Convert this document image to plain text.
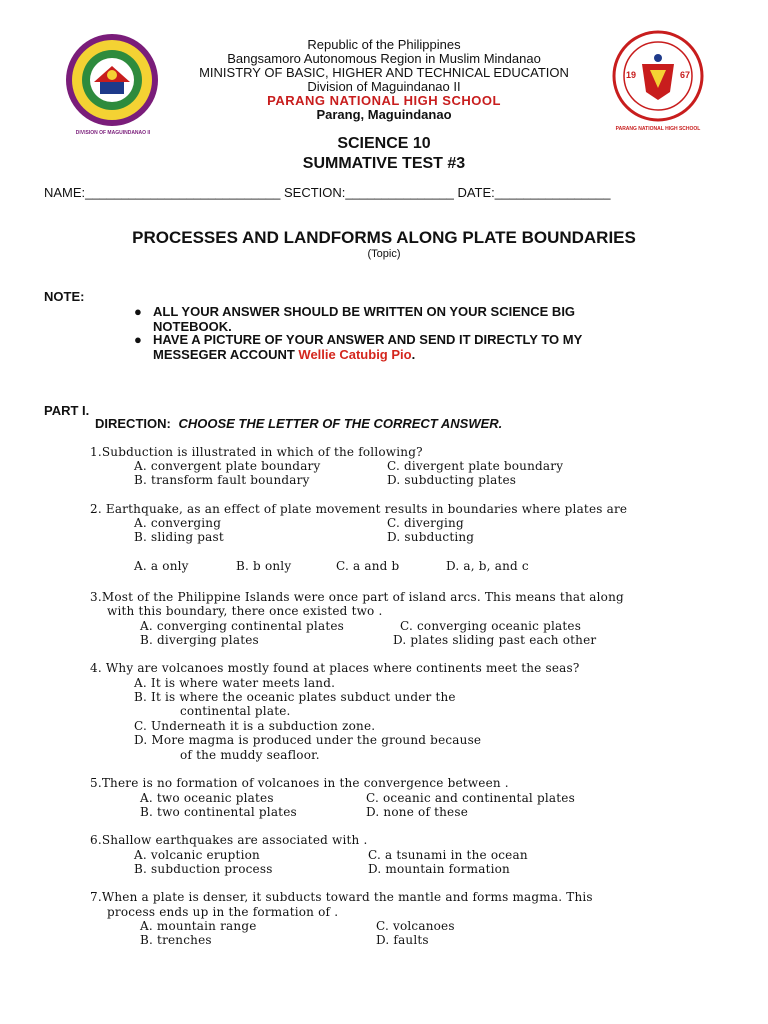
DIVISION OF MAGUINDANAO II
19	67
PARANG NATIONAL HIGH SCHOOL
Republic of the Philippines
Bangsamoro Autonomous Region in Muslim Mindanao
MINISTRY OF BASIC, HIGHER AND TECHNICAL EDUCATION
Division of Maguindanao II
PARANG NATIONAL HIGH SCHOOL
Parang, Maguindanao
SCIENCE 10
SUMMATIVE TEST #3
NAME:___________________________ SECTION:_______________ DATE:________________
PROCESSES AND LANDFORMS ALONG PLATE BOUNDARIES
(Topic)
NOTE:
● ALL YOUR ANSWER SHOULD BE WRITTEN ON YOUR SCIENCE BIG
NOTEBOOK.
● HAVE A PICTURE OF YOUR ANSWER AND SEND IT DIRECTLY TO MY
MESSEGER ACCOUNT Wellie Catubig Pio.
PART I.
DIRECTION: CHOOSE THE LETTER OF THE CORRECT ANSWER.
1.Subduction is illustrated in which of the following?
A. convergent plate boundary	C. divergent plate boundary
B. transform fault boundary	D. subducting plates
2. Earthquake, as an effect of plate movement results in boundaries where plates are
A. converging	C. diverging
B. sliding past	D. subducting
A. a only	B. b only	C. a and b	D. a, b, and c
3.Most of the Philippine Islands were once part of island arcs. This means that along
with this boundary, there once existed two .
A. converging continental plates	C. converging oceanic plates
B. diverging plates	D. plates sliding past each other
4. Why are volcanoes mostly found at places where continents meet the seas?
A. It is where water meets land.
B. It is where the oceanic plates subduct under the
continental plate.
C. Underneath it is a subduction zone.
D. More magma is produced under the ground because
of the muddy seafloor.
5.There is no formation of volcanoes in the convergence between .
A. two oceanic plates	C. oceanic and continental plates
B. two continental plates	D. none of these
6.Shallow earthquakes are associated with .
A. volcanic eruption	C. a tsunami in the ocean
B. subduction process	D. mountain formation
7.When a plate is denser, it subducts toward the mantle and forms magma. This
process ends up in the formation of .
A. mountain range	C. volcanoes
B. trenches	D. faults
